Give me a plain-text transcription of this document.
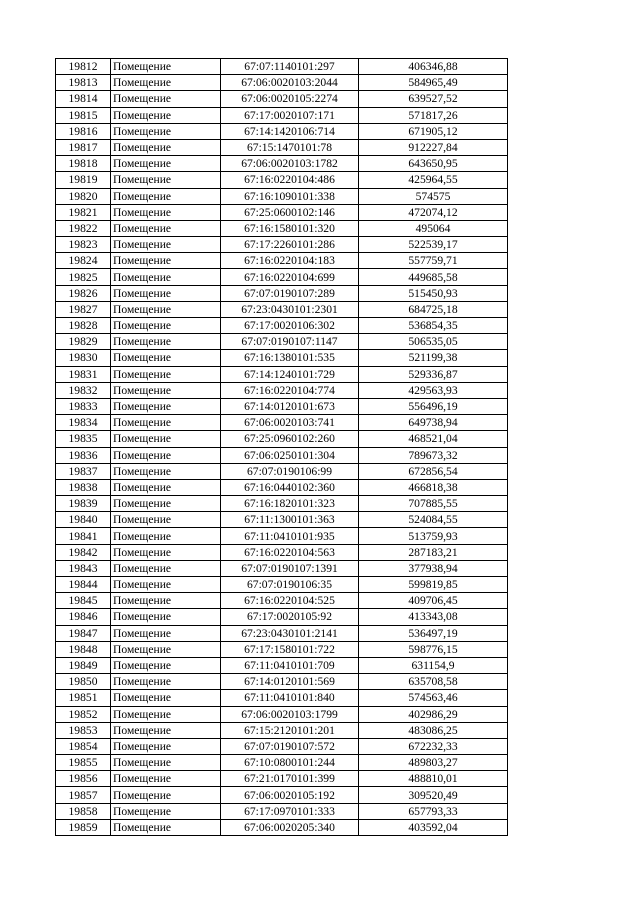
19812	Помещение	67:07:1140101:297	406346,88
19813	Помещение	67:06:0020103:2044	584965,49
19814	Помещение	67:06:0020105:2274	639527,52
19815	Помещение	67:17:0020107:171	571817,26
19816	Помещение	67:14:1420106:714	671905,12
19817	Помещение	67:15:1470101:78	912227,84
19818	Помещение	67:06:0020103:1782	643650,95
19819	Помещение	67:16:0220104:486	425964,55
19820	Помещение	67:16:1090101:338	574575
19821	Помещение	67:25:0600102:146	472074,12
19822	Помещение	67:16:1580101:320	495064
19823	Помещение	67:17:2260101:286	522539,17
19824	Помещение	67:16:0220104:183	557759,71
19825	Помещение	67:16:0220104:699	449685,58
19826	Помещение	67:07:0190107:289	515450,93
19827	Помещение	67:23:0430101:2301	684725,18
19828	Помещение	67:17:0020106:302	536854,35
19829	Помещение	67:07:0190107:1147	506535,05
19830	Помещение	67:16:1380101:535	521199,38
19831	Помещение	67:14:1240101:729	529336,87
19832	Помещение	67:16:0220104:774	429563,93
19833	Помещение	67:14:0120101:673	556496,19
19834	Помещение	67:06:0020103:741	649738,94
19835	Помещение	67:25:0960102:260	468521,04
19836	Помещение	67:06:0250101:304	789673,32
19837	Помещение	67:07:0190106:99	672856,54
19838	Помещение	67:16:0440102:360	466818,38
19839	Помещение	67:16:1820101:323	707885,55
19840	Помещение	67:11:1300101:363	524084,55
19841	Помещение	67:11:0410101:935	513759,93
19842	Помещение	67:16:0220104:563	287183,21
19843	Помещение	67:07:0190107:1391	377938,94
19844	Помещение	67:07:0190106:35	599819,85
19845	Помещение	67:16:0220104:525	409706,45
19846	Помещение	67:17:0020105:92	413343,08
19847	Помещение	67:23:0430101:2141	536497,19
19848	Помещение	67:17:1580101:722	598776,15
19849	Помещение	67:11:0410101:709	631154,9
19850	Помещение	67:14:0120101:569	635708,58
19851	Помещение	67:11:0410101:840	574563,46
19852	Помещение	67:06:0020103:1799	402986,29
19853	Помещение	67:15:2120101:201	483086,25
19854	Помещение	67:07:0190107:572	672232,33
19855	Помещение	67:10:0800101:244	489803,27
19856	Помещение	67:21:0170101:399	488810,01
19857	Помещение	67:06:0020105:192	309520,49
19858	Помещение	67:17:0970101:333	657793,33
19859	Помещение	67:06:0020205:340	403592,04
